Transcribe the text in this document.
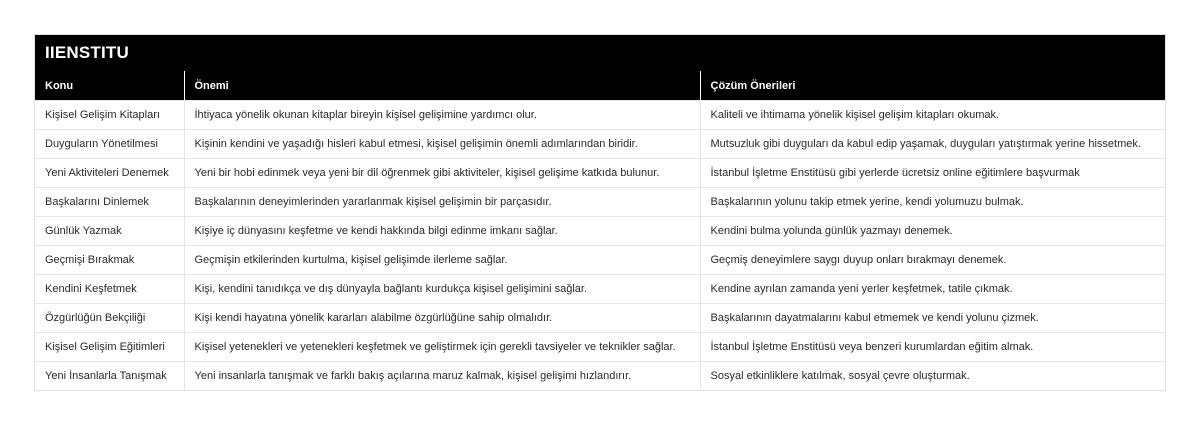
IIENSTITU
Konu	Önemi	Çözüm Önerileri
Kişisel Gelişim Kitapları	İhtiyaca yönelik okunan kitaplar bireyin kişisel gelişimine yardımcı olur.	Kaliteli ve ihtimama yönelik kişisel gelişim kitapları okumak.
Duyguların Yönetilmesi	Kişinin kendini ve yaşadığı hisleri kabul etmesi, kişisel gelişimin önemli adımlarından biridir.	Mutsuzluk gibi duyguları da kabul edip yaşamak, duyguları yatıştırmak yerine hissetmek.
Yeni Aktiviteleri Denemek	Yeni bir hobi edinmek veya yeni bir dil öğrenmek gibi aktiviteler, kişisel gelişime katkıda bulunur.	İstanbul İşletme Enstitüsü gibi yerlerde ücretsiz online eğitimlere başvurmak
Başkalarını Dinlemek	Başkalarının deneyimlerinden yararlanmak kişisel gelişimin bir parçasıdır.	Başkalarının yolunu takip etmek yerine, kendi yolumuzu bulmak.
Günlük Yazmak	Kişiye iç dünyasını keşfetme ve kendi hakkında bilgi edinme imkanı sağlar.	Kendini bulma yolunda günlük yazmayı denemek.
Geçmişi Bırakmak	Geçmişin etkilerinden kurtulma, kişisel gelişimde ilerleme sağlar.	Geçmiş deneyimlere saygı duyup onları bırakmayı denemek.
Kendini Keşfetmek	Kişi, kendini tanıdıkça ve dış dünyayla bağlantı kurdukça kişisel gelişimini sağlar.	Kendine ayrılan zamanda yeni yerler keşfetmek, tatile çıkmak.
Özgürlüğün Bekçiliği	Kişi kendi hayatına yönelik kararları alabilme özgürlüğüne sahip olmalıdır.	Başkalarının dayatmalarını kabul etmemek ve kendi yolunu çizmek.
Kişisel Gelişim Eğitimleri	Kişisel yetenekleri ve yetenekleri keşfetmek ve geliştirmek için gerekli tavsiyeler ve teknikler sağlar.	İstanbul İşletme Enstitüsü veya benzeri kurumlardan eğitim almak.
Yeni İnsanlarla Tanışmak	Yeni insanlarla tanışmak ve farklı bakış açılarına maruz kalmak, kişisel gelişimi hızlandırır.	Sosyal etkinliklere katılmak, sosyal çevre oluşturmak.
